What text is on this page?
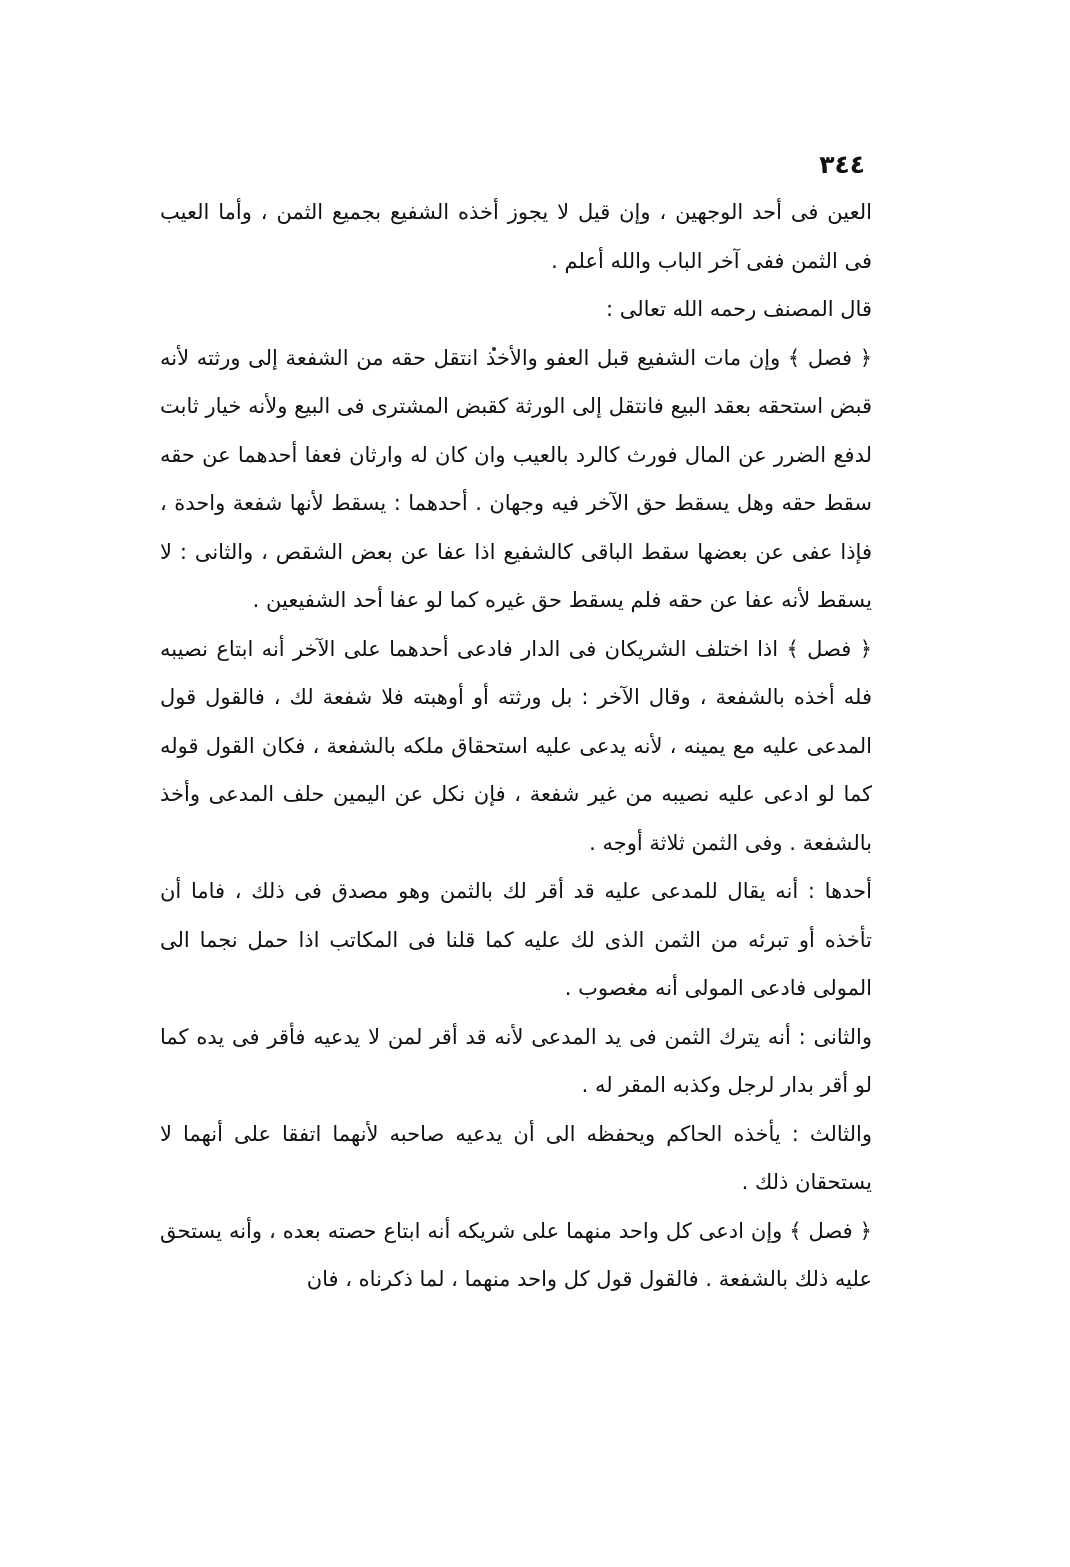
٣٤٤

العين فى أحد الوجهين ، وإن قيل لا يجوز أخذه الشفيع بجميع الثمن ، وأما العيب فى الثمن ففى آخر الباب والله أعلم .

قال المصنف رحمه الله تعالى :

﴿ فصل ﴾ وإن مات الشفيع قبل العفو والأخذ انتقل حقه من الشفعة إلى ورثته لأنه قبض استحقه بعقد البيع فانتقل إلى الورثة كقبض المشترى فى البيع ولأنه خيار ثابت لدفع الضرر عن المال فورث كالرد بالعيب وان كان له وارثان فعفا أحدهما عن حقه سقط حقه وهل يسقط حق الآخر فيه وجهان . أحدهما : يسقط لأنها شفعة واحدة ، فإذا عفى عن بعضها سقط الباقى كالشفيع اذا عفا عن بعض الشقص ، والثانى : لا يسقط لأنه عفا عن حقه فلم يسقط حق غيره كما لو عفا أحد الشفيعين .

﴿ فصل ﴾ اذا اختلف الشريكان فى الدار فادعى أحدهما على الآخر أنه ابتاع نصيبه فله أخذه بالشفعة ، وقال الآخر : بل ورثته أو أوهبته فلا شفعة لك ، فالقول قول المدعى عليه مع يمينه ، لأنه يدعى عليه استحقاق ملكه بالشفعة ، فكان القول قوله كما لو ادعى عليه نصيبه من غير شفعة ، فإن نكل عن اليمين حلف المدعى وأخذ بالشفعة . وفى الثمن ثلاثة أوجه .

أحدها : أنه يقال للمدعى عليه قد أقر لك بالثمن وهو مصدق فى ذلك ، فاما أن تأخذه أو تبرئه من الثمن الذى لك عليه كما قلنا فى المكاتب اذا حمل نجما الى المولى فادعى المولى أنه مغصوب .

والثانى : أنه يترك الثمن فى يد المدعى لأنه قد أقر لمن لا يدعيه فأقر فى يده كما لو أقر بدار لرجل وكذبه المقر له .

والثالث : يأخذه الحاكم ويحفظه الى أن يدعيه صاحبه لأنهما اتفقا على أنهما لا يستحقان ذلك .

﴿ فصل ﴾ وإن ادعى كل واحد منهما على شريكه أنه ابتاع حصته بعده ، وأنه يستحق عليه ذلك بالشفعة . فالقول قول كل واحد منهما ، لما ذكرناه ، فان
